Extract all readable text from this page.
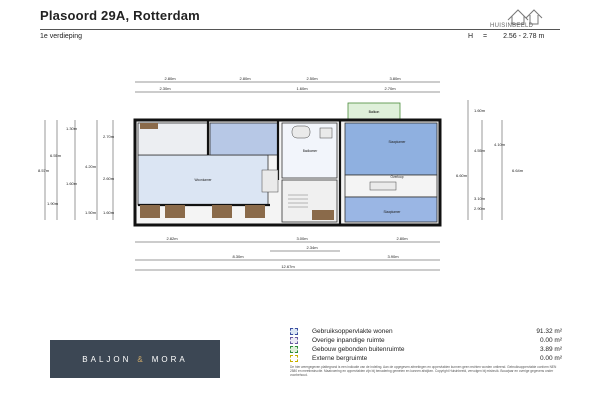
Plasoord 29A, Rotterdam
1e verdieping	H = 2.56 - 2.78 m
HUISINBEELD
2.80m	2.80m	2.50m	3.80m
2.30m	1.60m	2.70m
2.82m	3.00m	2.80m
2.34m
8.30m	3.90m
12.67m
8.57m
6.55m
1.30m
2.70m
4.20m
2.60m
1.60m
1.50m 1.60m
1.90m
1.60m
4.10m
6.64m
4.55m
6.60m
2.90m
3.10m
Balkon
Woonkamer
Badkamer
Slaapkamer
Overloop
Slaapkamer
Gebruiksoppervlakte wonen	91.32 m²
Overige inpandige ruimte	0.00 m²
Gebouw gebonden buitenruimte	3.89 m²
Externe bergruimte	0.00 m²
De hier weergegeven plattegrond is een indicatie van de indeling. Aan de opgegeven afmetingen en oppervlakten kunnen geen rechten worden ontleend. Gebruiksoppervlakte conform NEN 2580 en meetinstructie. Maatvoering en oppervlakten zijn bij benadering gemeten en kunnen afwijken. Copyright Huisinbeeld, vervolgen bij misbruik. Bouwjaar en overige gegevens onder voorbehoud.
BALJON & MORA
